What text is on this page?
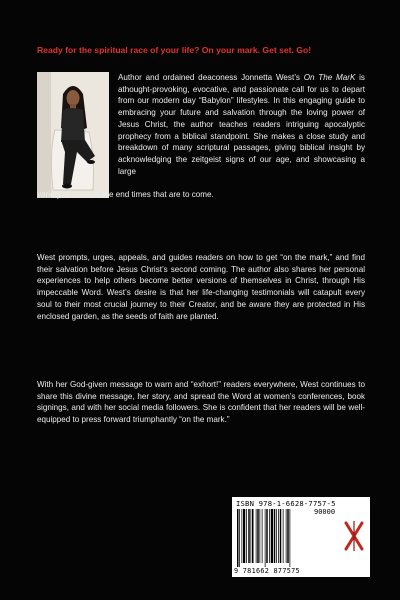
Ready for the spiritual race of your life? On your mark. Get set. Go!
Author and ordained deaconess Jonnetta West’s On The MarK is athought-provoking, evocative, and passionate call for us to depart from our modern day “Babylon” lifestyles. In this engaging guide to embracing your future and salvation through the loving power of Jesus Christ, the author teaches readers intriguing apocalyptic prophecy from a biblical standpoint. She makes a close study and breakdown of many scriptural passages, giving biblical insight by acknowledging the zeitgeist signs of our age, and showcasing a large
variety of clues to the end times that are to come.

West prompts, urges, appeals, and guides readers on how to get “on the mark,” and find their salvation before Jesus Christ’s second coming. The author also shares her personal experiences to help others become better versions of themselves in Christ, through His impeccable Word. West’s desire is that her life-changing testimonials will catapult every soul to their most crucial journey to their Creator, and be aware they are protected in His enclosed garden, as the seeds of faith are planted.

With her God-given message to warn and “exhort!” readers everywhere, West continues to share this divine message, her story, and spread the Word at women’s conferences, book signings, and with her social media followers. She is confident that her readers will be well-equipped to press forward triumphantly “on the mark.”

ISBN 978-1-6628-7757-5
90000
9 781662 877575
